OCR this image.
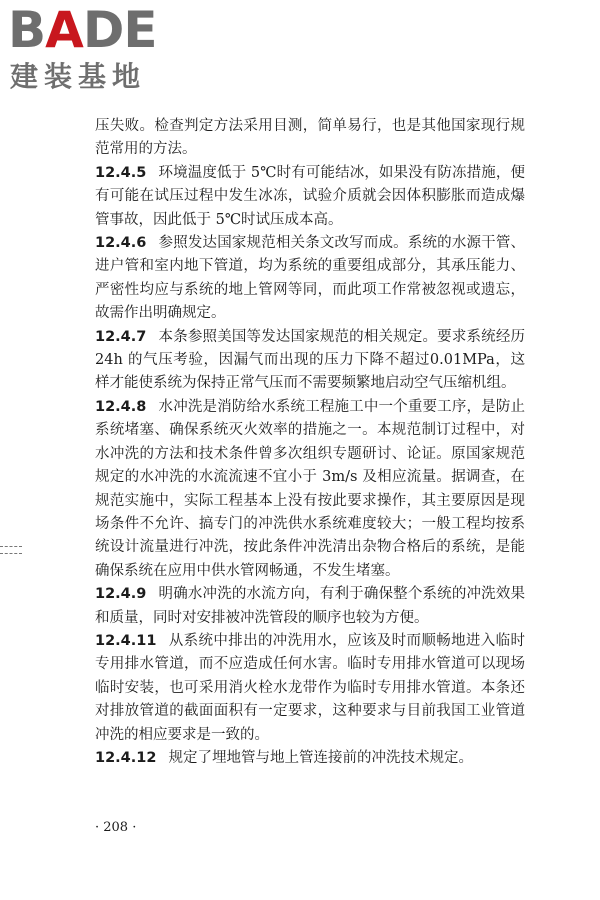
BADE
建装基地

压失败。检查判定方法采用目测，简单易行，也是其他国家现行规范常用的方法。

12.4.5 环境温度低于 5℃时有可能结冰，如果没有防冻措施，便有可能在试压过程中发生冰冻，试验介质就会因体积膨胀而造成爆管事故，因此低于 5℃时试压成本高。

12.4.6 参照发达国家规范相关条文改写而成。系统的水源干管、进户管和室内地下管道，均为系统的重要组成部分，其承压能力、严密性均应与系统的地上管网等同，而此项工作常被忽视或遗忘，故需作出明确规定。

12.4.7 本条参照美国等发达国家规范的相关规定。要求系统经历 24h 的气压考验，因漏气而出现的压力下降不超过0.01MPa，这样才能使系统为保持正常气压而不需要频繁地启动空气压缩机组。

12.4.8 水冲洗是消防给水系统工程施工中一个重要工序，是防止系统堵塞、确保系统灭火效率的措施之一。本规范制订过程中，对水冲洗的方法和技术条件曾多次组织专题研讨、论证。原国家规范规定的水冲洗的水流流速不宜小于 3m/s 及相应流量。据调查，在规范实施中，实际工程基本上没有按此要求操作，其主要原因是现场条件不允许、搞专门的冲洗供水系统难度较大；一般工程均按系统设计流量进行冲洗，按此条件冲洗清出杂物合格后的系统，是能确保系统在应用中供水管网畅通，不发生堵塞。

12.4.9 明确水冲洗的水流方向，有利于确保整个系统的冲洗效果和质量，同时对安排被冲洗管段的顺序也较为方便。

12.4.11 从系统中排出的冲洗用水，应该及时而顺畅地进入临时专用排水管道，而不应造成任何水害。临时专用排水管道可以现场临时安装，也可采用消火栓水龙带作为临时专用排水管道。本条还对排放管道的截面面积有一定要求，这种要求与目前我国工业管道冲洗的相应要求是一致的。

12.4.12 规定了埋地管与地上管连接前的冲洗技术规定。

· 208 ·
